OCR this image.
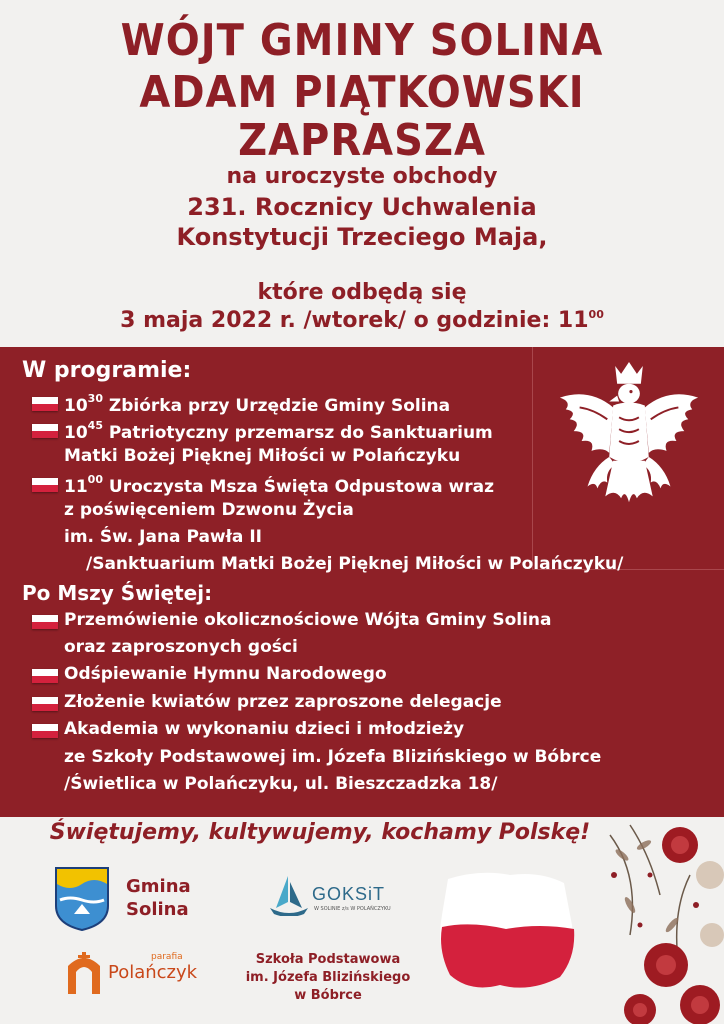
WÓJT GMINY SOLINA
ADAM PIĄTKOWSKI
ZAPRASZA
na uroczyste obchody
231. Rocznicy Uchwalenia
Konstytucji Trzeciego Maja,
które odbędą się
3 maja 2022 r. /wtorek/ o godzinie: $11^{00}$
W programie:
$10^{30}$ Zbiórka przy Urzędzie Gminy Solina
$10^{45}$ Patriotyczny przemarsz do Sanktuarium
Matki Bożej Pięknej Miłości w Polańczyku
$11^{00}$ Uroczysta Msza Święta Odpustowa wraz
z poświęceniem Dzwonu Życia
im. Św. Jana Pawła II
/Sanktuarium Matki Bożej Pięknej Miłości w Polańczyku/
Po Mszy Świętej:
Przemówienie okolicznościowe Wójta Gminy Solina
oraz zaproszonych gości
Odśpiewanie Hymnu Narodowego
Złożenie kwiatów przez zaproszone delegacje
Akademia w wykonaniu dzieci i młodzieży
ze Szkoły Podstawowej im. Józefa Blizińskiego w Bóbrce
/Świetlica w Polańczyku, ul. Bieszczadzka 18/
Świętujemy, kultywujemy, kochamy Polskę!
Gmina
Solina
GOKSiT
W SOLINIE z/s W POLAŃCZYKU
parafia
Polańczyk
Szkoła Podstawowa
im. Józefa Blizińskiego
w Bóbrce
